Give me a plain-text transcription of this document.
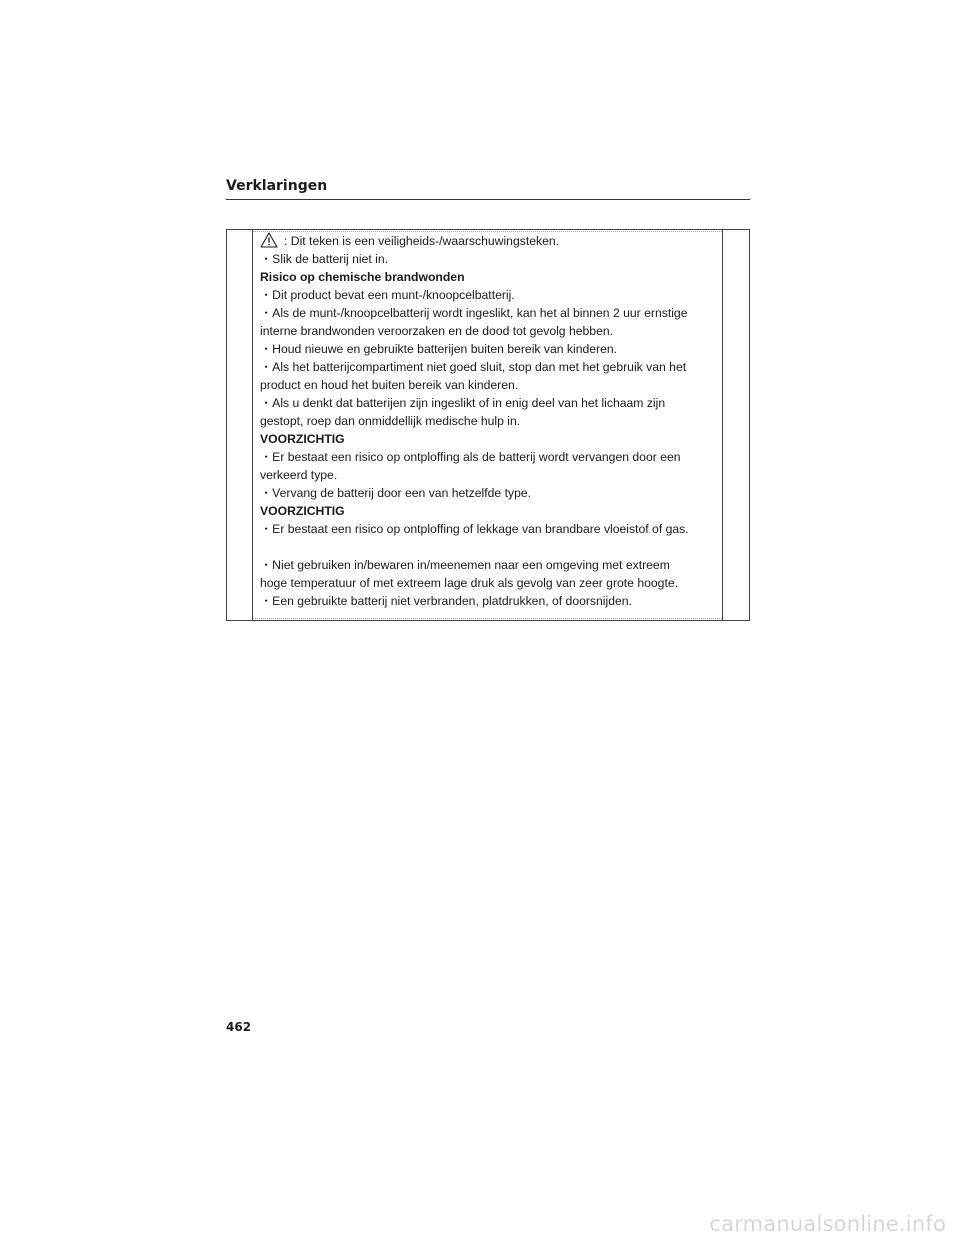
Verklaringen

: Dit teken is een veiligheids-/waarschuwingsteken.

・Slik de batterij niet in.

Risico op chemische brandwonden

・Dit product bevat een munt-/knoopcelbatterij.

・Als de munt-/knoopcelbatterij wordt ingeslikt, kan het al binnen 2 uur ernstige

interne brandwonden veroorzaken en de dood tot gevolg hebben.

・Houd nieuwe en gebruikte batterijen buiten bereik van kinderen.

・Als het batterijcompartiment niet goed sluit, stop dan met het gebruik van het

product en houd het buiten bereik van kinderen.

・Als u denkt dat batterijen zijn ingeslikt of in enig deel van het lichaam zijn

gestopt, roep dan onmiddellijk medische hulp in.

VOORZICHTIG

・Er bestaat een risico op ontploffing als de batterij wordt vervangen door een

verkeerd type.

・Vervang de batterij door een van hetzelfde type.

VOORZICHTIG

・Er bestaat een risico op ontploffing of lekkage van brandbare vloeistof of gas.

・Niet gebruiken in/bewaren in/meenemen naar een omgeving met extreem

hoge temperatuur of met extreem lage druk als gevolg van zeer grote hoogte.

・Een gebruikte batterij niet verbranden, platdrukken, of doorsnijden.

462

carmanualsonline.info
